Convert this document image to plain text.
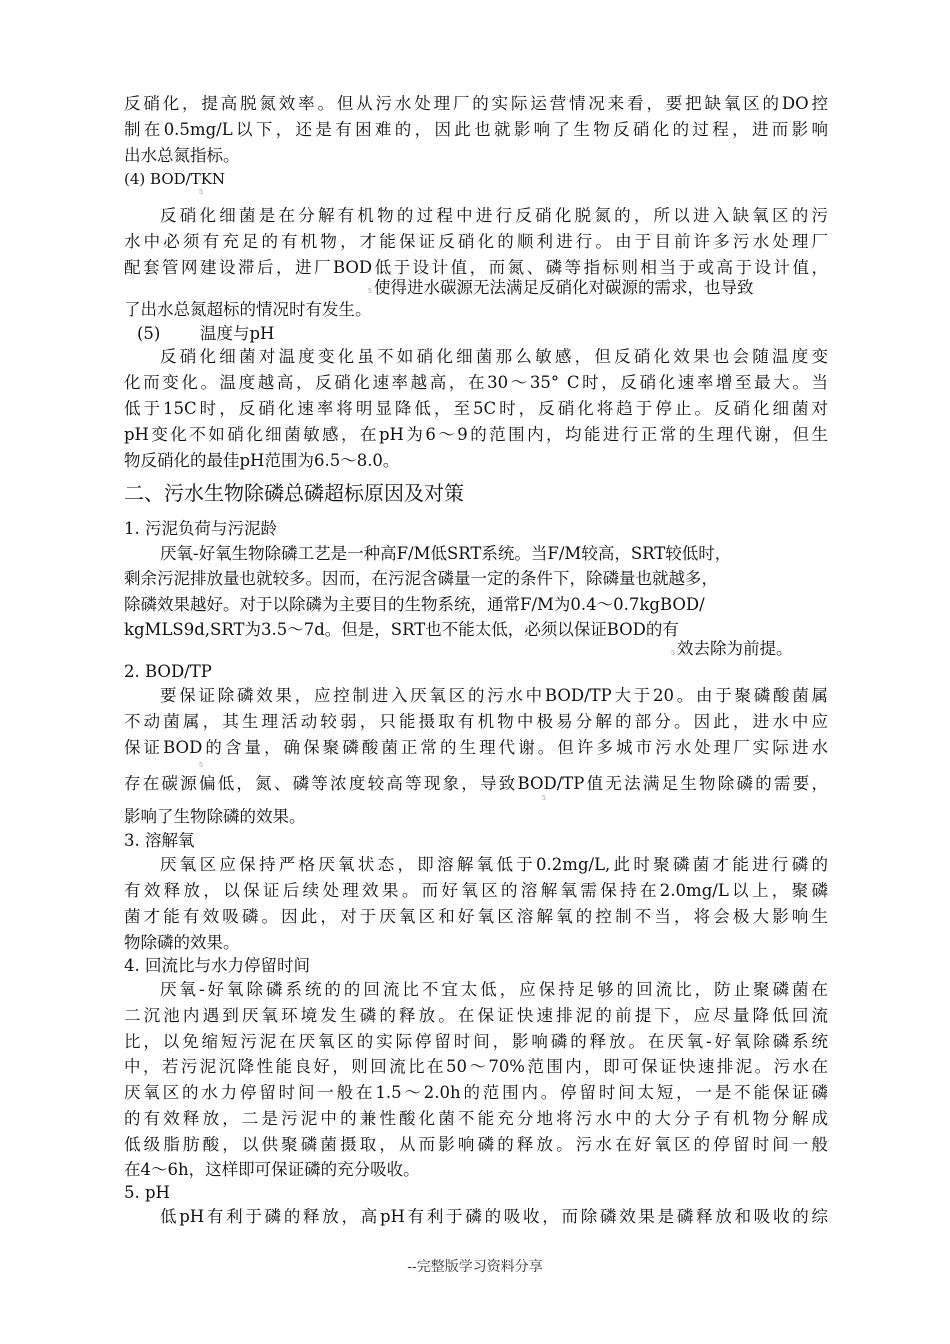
反硝化，提高脱氮效率。但从污水处理厂的实际运营情况来看，要把缺氧区的DO控
制在0.5mg/L以下，还是有困难的，因此也就影响了生物反硝化的过程，进而影响
出水总氮指标。
(4) BOD/TKN
5
反硝化细菌是在分解有机物的过程中进行反硝化脱氮的，所以进入缺氧区的污
水中必须有充足的有机物，才能保证反硝化的顺利进行。由于目前许多污水处理厂
配套管网建设滞后，进厂BOD低于设计值，而氮、磷等指标则相当于或高于设计值，
5 使得进水碳源无法满足反硝化对碳源的需求，也导致
了出水总氮超标的情况时有发生。
(5) 温度与pH
反硝化细菌对温度变化虽不如硝化细菌那么敏感，但反硝化效果也会随温度变
化而变化。温度越高，反硝化速率越高，在30～35° C时，反硝化速率增至最大。当
低于15C时，反硝化速率将明显降低，至5C时，反硝化将趋于停止。反硝化细菌对
pH变化不如硝化细菌敏感，在pH为6～9的范围内，均能进行正常的生理代谢，但生
物反硝化的最佳pH范围为6.5～8.0。
二、污水生物除磷总磷超标原因及对策
1. 污泥负荷与污泥龄
厌氧-好氧生物除磷工艺是一种高F/M低SRT系统。当F/M较高，SRT较低时，
剩余污泥排放量也就较多。因而，在污泥含磷量一定的条件下，除磷量也就越多，
除磷效果越好。对于以除磷为主要目的生物系统，通常F/M为0.4～0.7kgBOD/
kgMLS9d,SRT为3.5～7d。但是，SRT也不能太低，必须以保证BOD的有
5 效去除为前提。
2. BOD/TP
要保证除磷效果，应控制进入厌氧区的污水中BOD/TP大于20。由于聚磷酸菌属
不动菌属，其生理活动较弱，只能摄取有机物中极易分解的部分。因此，进水中应
保证BOD的含量，确保聚磷酸菌正常的生理代谢。但许多城市污水处理厂实际进水
5
存在碳源偏低，氮、磷等浓度较高等现象，导致BOD/TP值无法满足生物除磷的需要，
5
影响了生物除磷的效果。
3. 溶解氧
厌氧区应保持严格厌氧状态，即溶解氧低于0.2mg/L,此时聚磷菌才能进行磷的
有效释放，以保证后续处理效果。而好氧区的溶解氧需保持在2.0mg/L以上，聚磷
菌才能有效吸磷。因此，对于厌氧区和好氧区溶解氧的控制不当，将会极大影响生
物除磷的效果。
4. 回流比与水力停留时间
厌氧-好氧除磷系统的的回流比不宜太低，应保持足够的回流比，防止聚磷菌在
二沉池内遇到厌氧环境发生磷的释放。在保证快速排泥的前提下，应尽量降低回流
比，以免缩短污泥在厌氧区的实际停留时间，影响磷的释放。在厌氧-好氧除磷系统
中，若污泥沉降性能良好，则回流比在50～70%范围内，即可保证快速排泥。污水在
厌氧区的水力停留时间一般在1.5～2.0h的范围内。停留时间太短，一是不能保证磷
的有效释放，二是污泥中的兼性酸化菌不能充分地将污水中的大分子有机物分解成
低级脂肪酸，以供聚磷菌摄取，从而影响磷的释放。污水在好氧区的停留时间一般
在4～6h，这样即可保证磷的充分吸收。
5. pH
低pH有利于磷的释放，高pH有利于磷的吸收，而除磷效果是磷释放和吸收的综
--完整版学习资料分享
